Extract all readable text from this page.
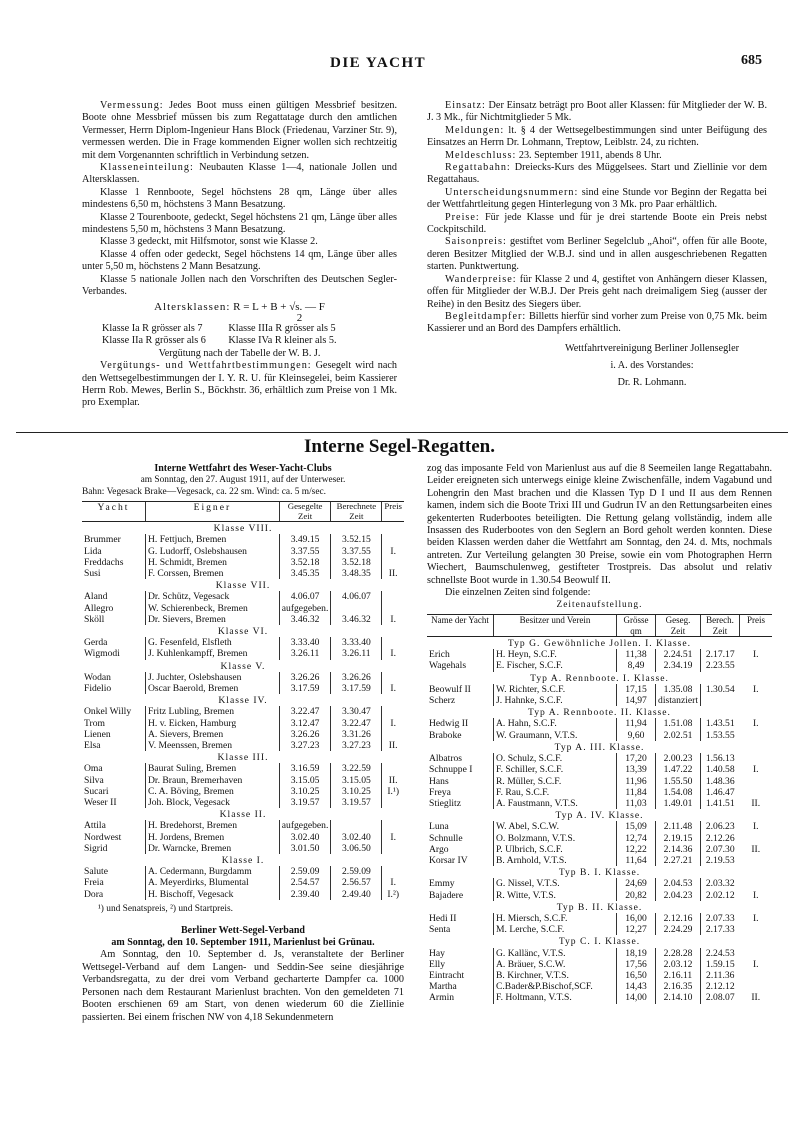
DIE YACHT	685

Vermessung: Jedes Boot muss einen gültigen Messbrief besitzen. Boote ohne Messbrief müssen bis zum Regattatage durch den amtlichen Vermesser, Herrn Diplom-Ingenieur Hans Block (Friedenau, Varziner Str. 9), vermessen werden. Die in Frage kommenden Eigner wollen sich rechtzeitig mit dem Vorgenannten schriftlich in Verbindung setzen.

Klasseneinteilung: Neubauten Klasse 1—4, nationale Jollen und Altersklassen.

Klasse 1 Rennboote, Segel höchstens 28 qm, Länge über alles mindestens 6,50 m, höchstens 3 Mann Besatzung.

Klasse 2 Tourenboote, gedeckt, Segel höchstens 21 qm, Länge über alles mindestens 5,50 m, höchstens 3 Mann Besatzung.

Klasse 3 gedeckt, mit Hilfsmotor, sonst wie Klasse 2.

Klasse 4 offen oder gedeckt, Segel höchstens 14 qm, Länge über alles unter 5,50 m, höchstens 2 Mann Besatzung.

Klasse 5 nationale Jollen nach den Vorschriften des Deutschen Segler-Verbandes.

Altersklassen: R = L + B + √s. — F
2
Klasse Ia R grösser als 7	Klasse IIIa R grösser als 5
Klasse IIa R grösser als 6	Klasse IVa R kleiner als 5.
Vergütung nach der Tabelle der W. B. J.

Vergütungs- und Wettfahrtbestimmungen: Gesegelt wird nach den Wettsegelbestimmungen der I. Y. R. U. für Kleinsegelei, beim Kassierer Herrn Rob. Mewes, Berlin S., Böckhstr. 36, erhältlich zum Preise von 1 Mk. pro Exemplar.

Einsatz: Der Einsatz beträgt pro Boot aller Klassen: für Mitglieder der W. B. J. 3 Mk., für Nichtmitglieder 5 Mk.

Meldungen: lt. § 4 der Wettsegelbestimmungen sind unter Beifügung des Einsatzes an Herrn Dr. Lohmann, Treptow, Leiblstr. 24, zu richten.

Meldeschluss: 23. September 1911, abends 8 Uhr.

Regattabahn: Dreiecks-Kurs des Müggelsees. Start und Ziellinie vor dem Regattahaus.

Unterscheidungsnummern: sind eine Stunde vor Beginn der Regatta bei der Wettfahrtleitung gegen Hinterlegung von 3 Mk. pro Paar erhältlich.

Preise: Für jede Klasse und für je drei startende Boote ein Preis nebst Cockpitschild.

Saisonpreis: gestiftet vom Berliner Segelclub „Ahoi“, offen für alle Boote, deren Besitzer Mitglied der W.B.J. sind und in allen ausgeschriebenen Regatten starten. Punktwertung.

Wanderpreise: für Klasse 2 und 4, gestiftet von Anhängern dieser Klassen, offen für Mitglieder der W.B.J. Der Preis geht nach dreimaligem Sieg (ausser der Reihe) in den Besitz des Siegers über.

Begleitdampfer: Billetts hierfür sind vorher zum Preise von 0,75 Mk. beim Kassierer und an Bord des Dampfers erhältlich.

Wettfahrtvereinigung Berliner Jollensegler
i. A. des Vorstandes:
Dr. R. Lohmann.
Interne Segel-Regatten.
Interne Wettfahrt des Weser-Yacht-Clubs
am Sonntag, den 27. August 1911, auf der Unterweser.
Bahn: Vegesack Brake—Vegesack, ca. 22 sm. Wind: ca. 5 m/sec.
Yacht	Eigner	Gesegelte Zeit	Berechnete Zeit	Preis
Klasse VIII.				
Brummer	H. Fettjuch, Bremen	3.49.15	3.52.15	
Lida	G. Ludorff, Oslebshausen	3.37.55	3.37.55	I.
Freddachs	H. Schmidt, Bremen	3.52.18	3.52.18	
Susi	F. Corssen, Bremen	3.45.35	3.48.35	II.
Klasse VII.				
Aland	Dr. Schütz, Vegesack	4.06.07	4.06.07	
Allegro	W. Schierenbeck, Bremen	aufgegeben.		
Sköll	Dr. Sievers, Bremen	3.46.32	3.46.32	I.
Klasse VI.				
Gerda	G. Fesenfeld, Elsfleth	3.33.40	3.33.40	
Wigmodi	J. Kuhlenkampff, Bremen	3.26.11	3.26.11	I.
Klasse V.				
Wodan	J. Juchter, Oslebshausen	3.26.26	3.26.26	
Fidelio	Oscar Baerold, Bremen	3.17.59	3.17.59	I.
Klasse IV.				
Onkel Willy	Fritz Lubling, Bremen	3.22.47	3.30.47	
Trom	H. v. Eicken, Hamburg	3.12.47	3.22.47	I.
Lienen	A. Sievers, Bremen	3.26.26	3.31.26	
Elsa	V. Meenssen, Bremen	3.27.23	3.27.23	II.
Klasse III.				
Oma	Baurat Suling, Bremen	3.16.59	3.22.59	
Silva	Dr. Braun, Bremerhaven	3.15.05	3.15.05	II.
Sucari	C. A. Böving, Bremen	3.10.25	3.10.25	I.¹)
Weser II	Joh. Block, Vegesack	3.19.57	3.19.57	
Klasse II.				
Attila	H. Bredehorst, Bremen	aufgegeben.		
Nordwest	H. Jordens, Bremen	3.02.40	3.02.40	I.
Sigrid	Dr. Warncke, Bremen	3.01.50	3.06.50	
Klasse I.				
Salute	A. Cedermann, Burgdamm	2.59.09	2.59.09	
Freia	A. Meyerdirks, Blumental	2.54.57	2.56.57	I.
Dora	H. Bischoff, Vegesack	2.39.40	2.49.40	I.²)
¹) und Senatspreis, ²) und Startpreis.
Berliner Wett-Segel-Verband
am Sonntag, den 10. September 1911, Marienlust bei Grünau.

Am Sonntag, den 10. September d. Js, veranstaltete der Berliner Wettsegel-Verband auf dem Langen- und Seddin-See seine diesjährige Verbandsregatta, zu der drei vom Verband gecharterte Dampfer ca. 1000 Personen nach dem Restaurant Marienlust brachten. Von den gemeldeten 71 Booten erschienen 69 am Start, von denen wiederum 60 die Ziellinie passierten. Bei einem frischen NW von 4,18 Sekundenmetern

zog das imposante Feld von Marienlust aus auf die 8 Seemeilen lange Regattabahn. Leider ereigneten sich unterwegs einige kleine Zwischenfälle, indem Vagabund und Lohengrin den Mast brachen und die Klassen Typ D I und II aus dem Rennen kamen, indem sich die Boote Trixi III und Gudrun IV an den Rettungsarbeiten eines gekenterten Ruderbootes beteiligten. Die Rettung gelang vollständig, indem alle Insassen des Ruderbootes von den Seglern an Bord geholt werden konnten. Diese beiden Klassen werden daher die Wettfahrt am Sonntag, den 24. d. Mts, nochmals antreten. Zur Verteilung gelangten 30 Preise, sowie ein vom Photographen Herrn Wiechert, Baumschulenweg, gestifteter Trostpreis. Das absolut und relativ schnellste Boot wurde in 1.30.54 Beowulf II.

Die einzelnen Zeiten sind folgende:

Zeitenaufstellung.
Name der Yacht	Besitzer und Verein	Grösse qm	Geseg. Zeit	Berech. Zeit	Preis
Typ G. Gewöhnliche Jollen. I. Klasse.					
Erich	H. Heyn, S.C.F.	11,38	2.24.51	2.17.17	I.
Wagehals	E. Fischer, S.C.F.	8,49	2.34.19	2.23.55	
Typ A. Rennboote. I. Klasse.					
Beowulf II	W. Richter, S.C.F.	17,15	1.35.08	1.30.54	I.
Scherz	J. Hahnke, S.C.F.	14,97	distanziert		
Typ A. Rennboote. II. Klasse.					
Hedwig II	A. Hahn, S.C.F.	11,94	1.51.08	1.43.51	I.
Braboke	W. Graumann, V.T.S.	9,60	2.02.51	1.53.55	
Typ A. III. Klasse.					
Albatros	O. Schulz, S.C.F.	17,20	2.00.23	1.56.13	
Schnuppe I	F. Schiller, S.C.F.	13,39	1.47.22	1.40.58	I.
Hans	R. Müller, S.C.F.	11,96	1.55.50	1.48.36	
Freya	F. Rau, S.C.F.	11,84	1.54.08	1.46.47	
Stieglitz	A. Faustmann, V.T.S.	11,03	1.49.01	1.41.51	II.
Typ A. IV. Klasse.					
Luna	W. Abel, S.C.W.	15,09	2.11.48	2.06.23	I.
Schnulle	O. Bolzmann, V.T.S.	12,74	2.19.15	2.12.26	
Argo	P. Ulbrich, S.C.F.	12,22	2.14.36	2.07.30	II.
Korsar IV	B. Arnhold, V.T.S.	11,64	2.27.21	2.19.53	
Typ B. I. Klasse.					
Emmy	G. Nissel, V.T.S.	24,69	2.04.53	2.03.32	
Bajadere	R. Witte, V.T.S.	20,82	2.04.23	2.02.12	I.
Typ B. II. Klasse.					
Hedi II	H. Miersch, S.C.F.	16,00	2.12.16	2.07.33	I.
Senta	M. Lerche, S.C.F.	12,27	2.24.29	2.17.33	
Typ C. I. Klasse.					
Hay	G. Kallänc, V.T.S.	18,19	2.28.28	2.24.53	
Elly	A. Bräuer, S.C.W.	17,56	2.03.12	1.59.15	I.
Eintracht	B. Kirchner, V.T.S.	16,50	2.16.11	2.11.36	
Martha	C.Bader&P.Bischof,SCF.	14,43	2.16.35	2.12.12	
Armin	F. Holtmann, V.T.S.	14,00	2.14.10	2.08.07	II.
